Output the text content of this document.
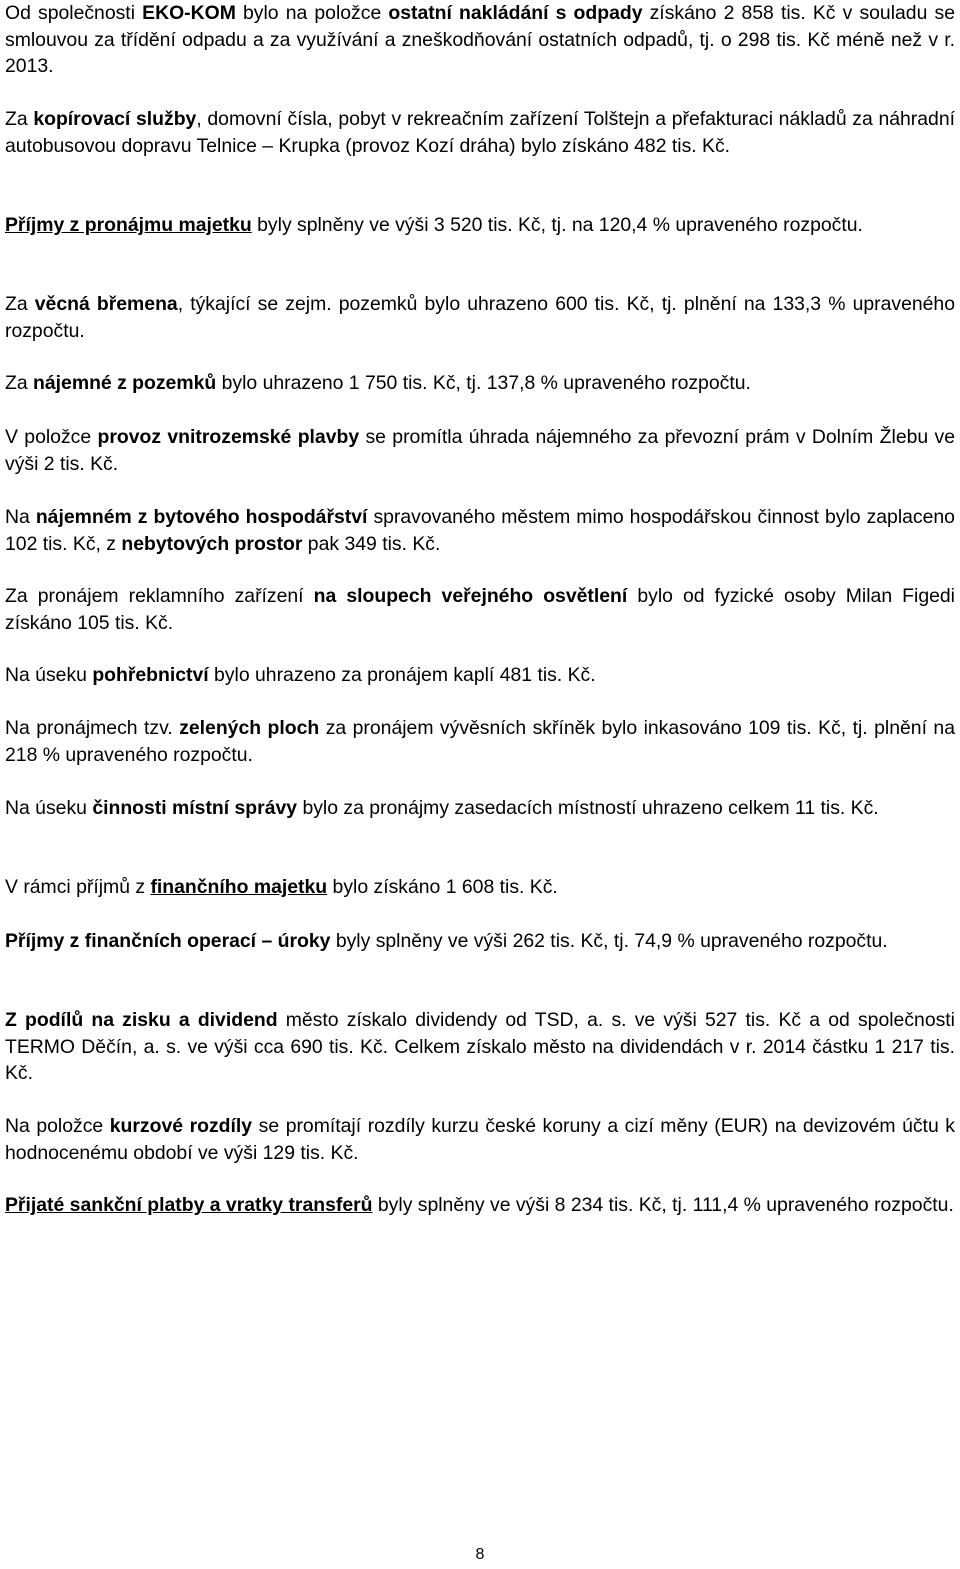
Od společnosti EKO-KOM bylo na položce ostatní nakládání s odpady získáno 2 858 tis. Kč v souladu se smlouvou za třídění odpadu a za využívání a zneškodňování ostatních odpadů, tj. o 298 tis. Kč méně než v r. 2013.

Za kopírovací služby, domovní čísla, pobyt v rekreačním zařízení Tolštejn a přefakturaci nákladů za náhradní autobusovou dopravu Telnice – Krupka (provoz Kozí dráha) bylo získáno 482 tis. Kč.

Příjmy z pronájmu majetku byly splněny ve výši 3 520 tis. Kč, tj. na 120,4 % upraveného rozpočtu.

Za věcná břemena, týkající se zejm. pozemků bylo uhrazeno 600 tis. Kč, tj. plnění na 133,3 % upraveného rozpočtu.

Za nájemné z pozemků bylo uhrazeno 1 750 tis. Kč, tj. 137,8 % upraveného rozpočtu.

V položce provoz vnitrozemské plavby se promítla úhrada nájemného za převozní prám v Dolním Žlebu ve výši 2 tis. Kč.

Na nájemném z bytového hospodářství spravovaného městem mimo hospodářskou činnost bylo zaplaceno 102 tis. Kč, z nebytových prostor pak 349 tis. Kč.

Za pronájem reklamního zařízení na sloupech veřejného osvětlení bylo od fyzické osoby Milan Figedi získáno 105 tis. Kč.

Na úseku pohřebnictví bylo uhrazeno za pronájem kaplí 481 tis. Kč.

Na pronájmech tzv. zelených ploch za pronájem vývěsních skříněk bylo inkasováno 109 tis. Kč, tj. plnění na 218 % upraveného rozpočtu.

Na úseku činnosti místní správy bylo za pronájmy zasedacích místností uhrazeno celkem 11 tis. Kč.

V rámci příjmů z finančního majetku bylo získáno 1 608 tis. Kč.

Příjmy z finančních operací – úroky byly splněny ve výši 262 tis. Kč, tj. 74,9 % upraveného rozpočtu.

Z podílů na zisku a dividend město získalo dividendy od TSD, a. s. ve výši 527 tis. Kč a od společnosti TERMO Děčín, a. s. ve výši cca 690 tis. Kč. Celkem získalo město na dividendách v r. 2014 částku 1 217 tis. Kč.

Na položce kurzové rozdíly se promítají rozdíly kurzu české koruny a cizí měny (EUR) na devizovém účtu k hodnocenému období ve výši 129 tis. Kč.

Přijaté sankční platby a vratky transferů byly splněny ve výši 8 234 tis. Kč, tj. 111,4 % upraveného rozpočtu.

8
